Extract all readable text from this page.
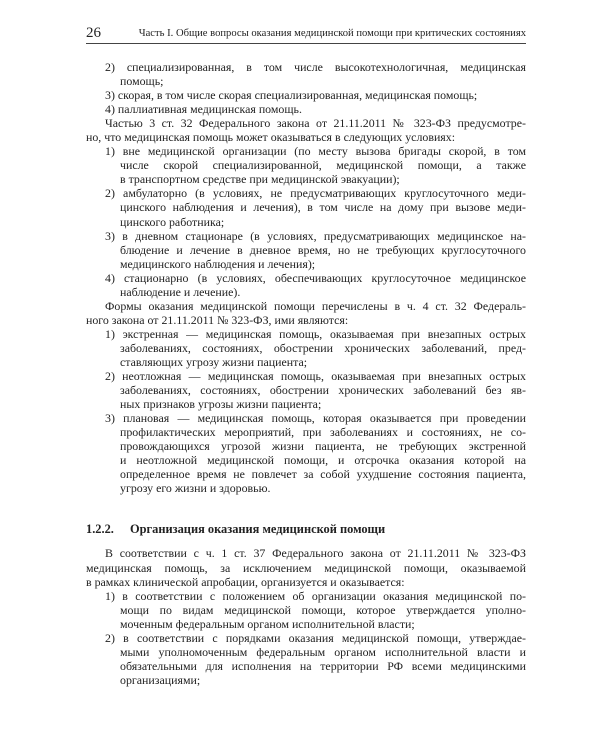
26	Часть I. Общие вопросы оказания медицинской помощи при критических состояниях
2) специализированная, в том числе высокотехнологичная, медицинская
помощь;
3) скорая, в том числе скорая специализированная, медицинская помощь;
4) паллиативная медицинская помощь.
Частью 3 ст. 32 Федерального закона от 21.11.2011 № 323-ФЗ предусмотре-
но, что медицинская помощь может оказываться в следующих условиях:
1) вне медицинской организации (по месту вызова бригады скорой, в том
числе скорой специализированной, медицинской помощи, а также
в транспортном средстве при медицинской эвакуации);
2) амбулаторно (в условиях, не предусматривающих круглосуточного меди-
цинского наблюдения и лечения), в том числе на дому при вызове меди-
цинского работника;
3) в дневном стационаре (в условиях, предусматривающих медицинское на-
блюдение и лечение в дневное время, но не требующих круглосуточного
медицинского наблюдения и лечения);
4) стационарно (в условиях, обеспечивающих круглосуточное медицинское
наблюдение и лечение).
Формы оказания медицинской помощи перечислены в ч. 4 ст. 32 Федераль-
ного закона от 21.11.2011 № 323-ФЗ, ими являются:
1) экстренная — медицинская помощь, оказываемая при внезапных острых
заболеваниях, состояниях, обострении хронических заболеваний, пред-
ставляющих угрозу жизни пациента;
2) неотложная — медицинская помощь, оказываемая при внезапных острых
заболеваниях, состояниях, обострении хронических заболеваний без яв-
ных признаков угрозы жизни пациента;
3) плановая — медицинская помощь, которая оказывается при проведении
профилактических мероприятий, при заболеваниях и состояниях, не со-
провождающихся угрозой жизни пациента, не требующих экстренной
и неотложной медицинской помощи, и отсрочка оказания которой на
определенное время не повлечет за собой ухудшение состояния пациента,
угрозу его жизни и здоровью.
1.2.2. Организация оказания медицинской помощи
В соответствии с ч. 1 ст. 37 Федерального закона от 21.11.2011 № 323-ФЗ
медицинская помощь, за исключением медицинской помощи, оказываемой
в рамках клинической апробации, организуется и оказывается:
1) в соответствии с положением об организации оказания медицинской по-
мощи по видам медицинской помощи, которое утверждается уполно-
моченным федеральным органом исполнительной власти;
2) в соответствии с порядками оказания медицинской помощи, утверждае-
мыми уполномоченным федеральным органом исполнительной власти и
обязательными для исполнения на территории РФ всеми медицинскими
организациями;
